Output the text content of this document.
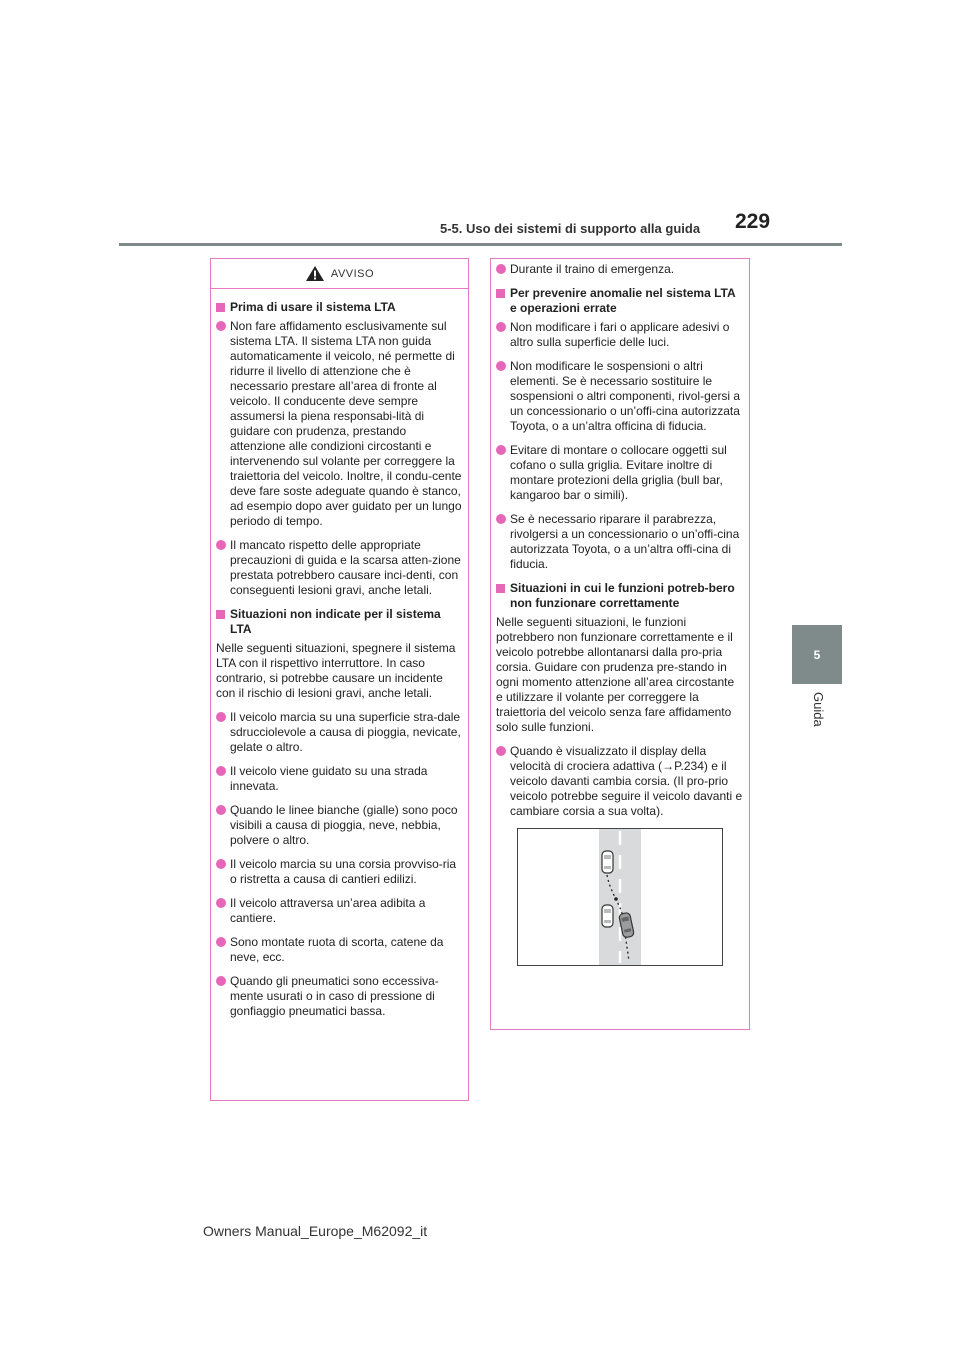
5-5. Uso dei sistemi di supporto alla guida 229
5
Guida
AVVISO
Prima di usare il sistema LTA
Non fare affidamento esclusivamente sul sistema LTA. Il sistema LTA non guida automaticamente il veicolo, né permette di ridurre il livello di attenzione che è necessario prestare all’area di fronte al veicolo. Il conducente deve sempre assumersi la piena responsabi-lità di guidare con prudenza, prestando attenzione alle condizioni circostanti e intervenendo sul volante per correggere la traiettoria del veicolo. Inoltre, il condu-cente deve fare soste adeguate quando è stanco, ad esempio dopo aver guidato per un lungo periodo di tempo.
Il mancato rispetto delle appropriate precauzioni di guida e la scarsa atten-zione prestata potrebbero causare inci-denti, con conseguenti lesioni gravi, anche letali.
Situazioni non indicate per il sistema LTA
Nelle seguenti situazioni, spegnere il sistema LTA con il rispettivo interruttore. In caso contrario, si potrebbe causare un incidente con il rischio di lesioni gravi, anche letali.
Il veicolo marcia su una superficie stra-dale sdrucciolevole a causa di pioggia, nevicate, gelate o altro.
Il veicolo viene guidato su una strada innevata.
Quando le linee bianche (gialle) sono poco visibili a causa di pioggia, neve, nebbia, polvere o altro.
Il veicolo marcia su una corsia provviso-ria o ristretta a causa di cantieri edilizi.
Il veicolo attraversa un’area adibita a cantiere.
Sono montate ruota di scorta, catene da neve, ecc.
Quando gli pneumatici sono eccessiva-mente usurati o in caso di pressione di gonfiaggio pneumatici bassa.
Durante il traino di emergenza.
Per prevenire anomalie nel sistema LTA e operazioni errate
Non modificare i fari o applicare adesivi o altro sulla superficie delle luci.
Non modificare le sospensioni o altri elementi. Se è necessario sostituire le sospensioni o altri componenti, rivol-gersi a un concessionario o un’offi-cina autorizzata Toyota, o a un’altra officina di fiducia.
Evitare di montare o collocare oggetti sul cofano o sulla griglia. Evitare inoltre di montare protezioni della griglia (bull bar, kangaroo bar o simili).
Se è necessario riparare il parabrezza, rivolgersi a un concessionario o un’offi-cina autorizzata Toyota, o a un’altra offi-cina di fiducia.
Situazioni in cui le funzioni potreb-bero non funzionare correttamente
Nelle seguenti situazioni, le funzioni potrebbero non funzionare correttamente e il veicolo potrebbe allontanarsi dalla pro-pria corsia. Guidare con prudenza pre-stando in ogni momento attenzione all’area circostante e utilizzare il volante per correggere la traiettoria del veicolo senza fare affidamento solo sulle funzioni.
Quando è visualizzato il display della velocità di crociera adattiva (→P.234) e il veicolo davanti cambia corsia. (Il pro-prio veicolo potrebbe seguire il veicolo davanti e cambiare corsia a sua volta).
Owners Manual_Europe_M62092_it
